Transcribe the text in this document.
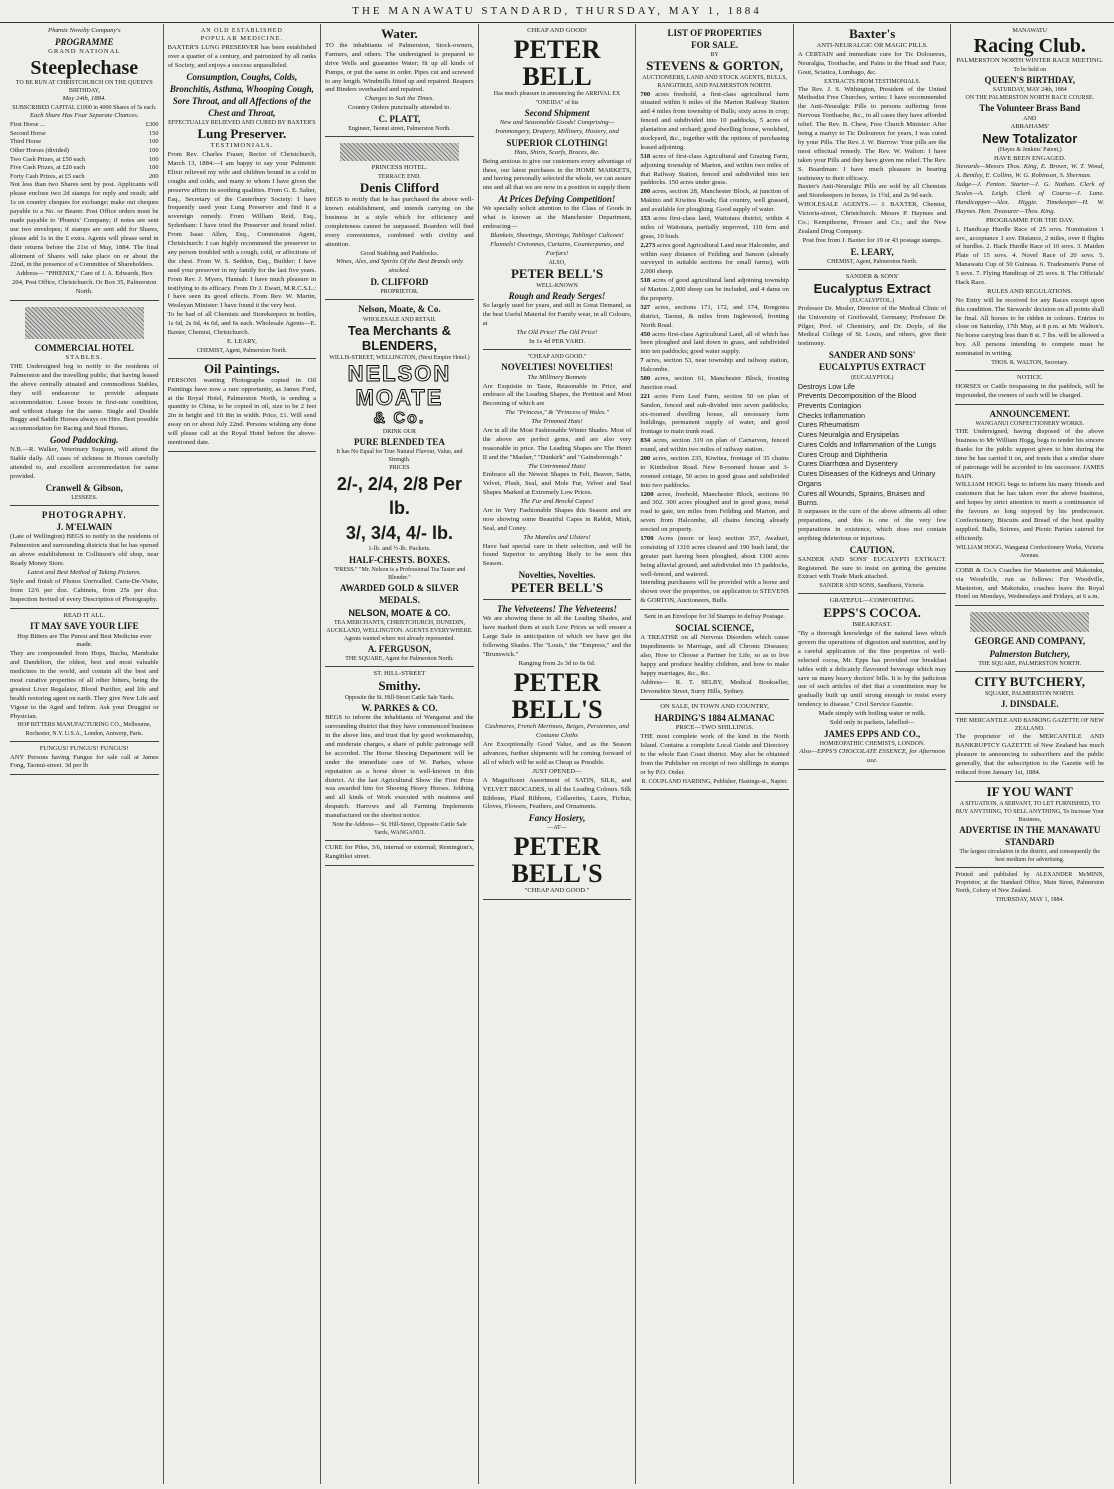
THE MANAWATU STANDARD, THURSDAY, MAY 1, 1884
Phœnix Novelty Company's
PROGRAMME
GRAND NATIONAL
Steeplechase
TO BE RUN AT CHRISTCHURCH ON THE QUEEN'S BIRTHDAY,
May 24th, 1884.
SUBSCRIBED CAPITAL £1000 in 4000 Shares of 5s each.
Each Share Has Four Separate Chances.
First Horse ...	£300
Second Horse	150
Third Horse	100
Other Horses (divided)	100
Two Cash Prizes, at £50 each	100
Five Cash Prizes, at £20 each	100
Forty Cash Prizes, at £5 each	200
Not less than two Shares sent by post. Applicants will please enclose two 2d stamps for reply and result; add 1s on country cheques for exchange; make out cheques payable to a No. or Bearer. Post Office orders must be made payable to 'Phœnix' Company; if notes are sent use two envelopes; if stamps are sent add for Shares, please add 1s in the £ extra. Agents will please send in their returns before the 21st of May, 1884. The final allotment of Shares will take place on or about the 22nd, in the presence of a Committee of Shareholders.
Address— "PHŒNIX," Care of J. A. Edwards, Box 204, Post Office, Christchurch. Or Box 35, Palmerston North.
COMMERCIAL HOTEL
STABLES.
THE Undersigned beg to notify to the residents of Palmerston and the travelling public, that having leased the above centrally situated and commodious Stables, they will endeavour to provide adequate accommodation. Loose boxes in first-rate condition, and without charge for the same. Single and Double Buggy and Saddle Horses always on Hire. Best possible accommodation for Racing and Stud Horses.
Good Paddocking.
N.B.—R. Walker, Veterinary Surgeon, will attend the Stable daily. All cases of sickness in Horses carefully attended to, and excellent accommodation for same provided.
Cranwell & Gibson,
LESSEES.
PHOTOGRAPHY.
J. M'ELWAIN
(Late of Wellington) BEGS to notify to the residents of Palmerston and surrounding districts that he has opened an above establishment in Collinson's old shop, near Ready Money Store.
Latest and Best Method of Taking Pictures.
Style and finish of Photos Unrivalled. Carte-De-Visite, from 12/6 per doz. Cabinets, from 25s per doz. Inspection Invited of every Description of Photography.
READ IT ALL.
IT MAY SAVE YOUR LIFE
Hop Bitters are The Purest and Best Medicine ever made.
They are compounded from Hops, Buchu, Mandrake and Dandelion, the oldest, best and most valuable medicines in the world, and contain all the best and most curative properties of all other bitters, being the greatest Liver Regulator, Blood Purifier, and life and health restoring agent on earth. They give New Life and Vigour to the Aged and Infirm. Ask your Druggist or Physician.
HOP BITTERS MANUFACTURING CO., Melbourne, Rochester, N.Y. U.S.A., London, Antwerp, Paris.
FUNGUS! FUNGUS! FUNGUS!
ANY Persons having Fungus for sale call at James Fong, Taonui-street. 3d per lb
AN OLD ESTABLISHED
POPULAR MEDICINE.
BAXTER'S LUNG PRESERVER has been established over a quarter of a century, and patronized by all ranks of Society, and enjoys a success unparalleled.
Consumption, Coughs, Colds, Bronchitis, Asthma, Whooping Cough, Sore Throat, and all Affections of the Chest and Throat,
EFFECTUALLY RELIEVED AND CURED BY BAXTER'S
Lung Preserver.
TESTIMONIALS.
From Rev. Charles Fraser, Rector of Christchurch, March 13, 1884:—I am happy to say your Pulmonic Elixir relieved my wife and children bound in a cold in coughs and colds, and many to whom I have given the preserve affirm its soothing qualities. From G. E. Salter, Esq., Secretary of the Canterbury Society: I have frequently used your Lung Preserver and find it a sovereign remedy. From William Reid, Esq., Sydenham: I have tried the Preserver and found relief. From Isaac Allen, Esq., Commission Agent, Christchurch: I can highly recommend the preserver to any person troubled with a cough, cold, or affections of the chest. From W. S. Seddon, Esq., Builder: I have used your preserver in my family for the last five years. From Rev. J. Myers, Hannah: I have much pleasure in testifying to its efficacy. From Dr J. Ewart, M.R.C.S.L.: I have seen its good effects. From Rev. W. Martin, Wesleyan Minister: I have found it the very best.
To be had of all Chemists and Storekeepers in bottles, 1s 6d, 2s 6d, 4s 6d, and 6s each. Wholesale Agents—E. Baxter, Chemist, Christchurch.
E. LEARY,
CHEMIST, Agent, Palmerston North.
Oil Paintings.
PERSONS wanting Photographs copied in Oil Paintings have now a rare opportunity, as James Ford, at the Royal Hotel, Palmerston North, is sending a quantity to China, to be copied in oil, size to be 2 feet 2in in height and 1ft 8in in width. Price, £1. Will send away on or about July 22nd. Persons wishing any done will please call at the Royal Hotel before the above-mentioned date.
Water.
TO the inhabitants of Palmerston, Stock-owners, Farmers, and others. The undersigned is prepared to drive Wells and guarantee Water; fit up all kinds of Pumps, or put the same in order. Pipes cut and screwed to any length. Windmills fitted up and repaired. Reapers and Binders overhauled and repaired.
Charges to Suit the Times.
Country Orders punctually attended to.
C. PLATT,
Engineer, Taonui street, Palmerston North.
PRINCESS HOTEL.
TERRACE END.
Denis Clifford
BEGS to notify that he has purchased the above well-known establishment, and intends carrying on the business in a style which for efficiency and completeness cannot be surpassed. Boarders will find every convenience, combined with civility and attention.
Good Stabling and Paddocks.
Wines, Ales, and Spirits Of the Best Brands only stocked.
D. CLIFFORD
PROPRIETOR.
Nelson, Moate, & Co.
WHOLESALE AND RETAIL
Tea Merchants & BLENDERS,
WILLIS-STREET, WELLINGTON, (Next Empire Hotel.)
NELSON
MOATE
& Co.
DRINK OUR
PURE BLENDED TEA
It has No Equal for True Natural Flavour, Value, and Strength.
PRICES
2/-, 2/4, 2/8 Per lb.
3/, 3/4, 4/- lb.
1-lb. and ½-lb. Packets.
HALF-CHESTS. BOXES.
"PRESS." "Mr. Nelson is a Professional Tea Taster and Blender."
AWARDED GOLD & SILVER MEDALS.
NELSON, MOATE & CO.
TEA MERCHANTS, CHRISTCHURCH, DUNEDIN, AUCKLAND, WELLINGTON. AGENTS EVERYWHERE.
Agents wanted where not already represented.
A. FERGUSON,
THE SQUARE, Agent for Palmerston North.
ST. HILL-STREET
Smithy.
Opposite the St. Hill-Street Cattle Sale Yards.
W. PARKES & CO.
BEGS to inform the inhabitants of Wanganui and the surrounding district that they have commenced business in the above line, and trust that by good workmanship, and moderate charges, a share of public patronage will be accorded. The Horse Shoeing Department will be under the immediate care of W. Parkes, whose reputation as a horse shoer is well-known in this district. At the last Agricultural Show the First Prize was awarded him for Shoeing Heavy Horses. Jobbing and all kinds of Work executed with neatness and despatch. Harrows and all Farming Implements manufactured on the shortest notice.
Note the Address— St. Hill-Street, Opposite Cattle Sale Yards, WANGANUI.
CURE for Piles, 3/6, internal or external; Remington's, Rangitikei street.
CHEAP AND GOOD!
PETER BELL
Has much pleasure in announcing the ARRIVAL EX "ONEIDA" of his
Second Shipment
New and Seasonable Goods! Comprising—
Ironmongery, Drapery, Millinery, Hosiery, and
SUPERIOR CLOTHING!
Hats, Shirts, Scarfs, Braces, &c.
Being anxious to give our customers every advantage of these, our latest purchases in the HOME MARKETS, and having personally selected the whole, we can assure one and all that we are now in a position to supply them
At Prices Defying Competition!
We specially solicit attention to the Class of Goods in what is known as the Manchester Department, embracing—
Blankets, Sheetings, Shirtings, Tablings! Calicoes! Flannels! Cretonnes, Curtains, Counterpanes, and Forfars!
ALSO,
PETER BELL'S
WELL-KNOWN
Rough and Ready Serges!
So largely used for years, and still in Great Demand, as the best Useful Material for Family wear, in all Colours, at
The Old Price! The Old Price!
In 1s 4d PER YARD.
"CHEAP AND GOOD."
NOVELTIES! NOVELTIES!
The Millinery Bonnets
Are Exquisite in Taste, Reasonable in Price, and embrace all the Leading Shapes, the Prettiest and Most Becoming of which are
The "Princess," & "Princess of Wales."
The Trimmed Hats!
Are in all the Most Fashionable Winter Shades. Most of the above are perfect gems, and are also very reasonable in price. The Leading Shapes are The Henri II and the "Masher," "Dunkirk" and "Gainsborough."
The Untrimmed Hats!
Embrace all the Newest Shapes in Felt, Beaver, Satin, Velvet, Plush, Seal, and Mole Fur, Velvet and Seal Shapes Marked at Extremely Low Prices.
The Fur and Brocké Capes!
Are in Very Fashionable Shapes this Season and are now showing some Beautiful Capes in Rabbit, Mink, Seal, and Coney.
The Mantles and Ulsters!
Have had special care in their selection, and will be found Superior to anything likely to be seen this Season.
Novelties, Novelties.
PETER BELL'S
The Velveteens! The Velveteens!
We are showing these in all the Leading Shades, and have marked them at such Low Prices as will ensure a Large Sale in anticipation of which we have got the following Shades. The "Louis," the "Empress," and the "Brunswick."
Ranging from 2s 3d to 6s 6d.
PETER BELL'S
Cashmeres, French Merinoes, Beiges, Persiennes, and Costume Cloths
Are Exceptionally Good Value, and as the Season advances, further shipments will be coming forward of all of which will be sold as Cheap as Possible.
JUST OPENED—
A Magnificent Assortment of SATIN, SILK, and VELVET BROCADES, in all the Leading Colours. Silk Ribbons, Plaid Ribbons, Collarettes, Laces, Fichus, Gloves, Flowers, Feathers, and Ornaments.
Fancy Hosiery,
—AT—
PETER BELL'S
"CHEAP AND GOOD."
LIST OF PROPERTIES
FOR SALE.
BY
STEVENS & GORTON,
AUCTIONEERS, LAND AND STOCK AGENTS, BULLS, RANGITIKEI, AND PALMERSTON NORTH.
700 acres freehold, a first-class agricultural farm situated within 6 miles of the Marton Railway Station and 4 miles from township of Bulls; sixty acres in crop; fenced and subdivided into 10 paddocks, 5 acres of plantation and orchard; good dwelling house, woolshed, stockyard, &c., together with the options of purchasing leased adjoining.
518 acres of first-class Agricultural and Grazing Farm, adjoining township of Marton, and within two miles of that Railway Station, fenced and subdivided into ten paddocks. 150 acres under grass.
200 acres, section 28, Manchester Block, at junction of Makino and Kiwitea Roads; flat country, well grassed, and available for ploughing. Good supply of water.
153 acres first-class land, Waitotara district, within 4 miles of Waitotara, partially improved, 110 fern and grass, 10 bush.
2,273 acres good Agricultural Land near Halcombe, and within easy distance of Feilding and Sanson (already surveyed in suitable sections for small farms), with 2,000 sheep.
518 acres of good agricultural land adjoining township of Marton. 2,000 sheep can be included, and 4 dams on the property.
327 acres, sections 171, 172, and 174, Rongotea district, Taonui, & miles from Inglewood, fronting North Road.
450 acres first-class Agricultural Land, all of which has been ploughed and laid down in grass, and subdivided into ten paddocks; good water supply.
7 acres, section 53, near township and railway station, Halcombe.
500 acres, section 61, Manchester Block, fronting Junction road.
221 acres Fern Leaf Farm, section 50 on plan of Sandon, fenced and sub-divided into seven paddocks; six-roomed dwelling house, all necessary farm buildings, permanent supply of water, and good frontage to main trunk road.
834 acres, section 319 on plan of Carnarvon, fenced round, and within two miles of railway station.
200 acres, section 235, Kiwitea, frontage of 35 chains to Kimbolton Road. New 8-roomed house and 3-roomed cottage, 50 acres in good grass and subdivided into two paddocks.
1200 acres, freehold, Manchester Block, sections 90 and 302. 300 acres ploughed and in good grass, metal road to gate, ten miles from Feilding and Marton, and seven from Halcombe, all chains fencing already erected on property.
1700 Acres (more or less) section 357, Awahuri, consisting of 1310 acres cleared and 190 bush land, the greater part having been ploughed, about 1300 acres being alluvial ground, and subdivided into 15 paddocks, well-fenced, and watered.
Intending purchasers will be provided with a horse and shown over the properties, on application to STEVENS & GORTON, Auctioneers, Bulls.
Sent in an Envelope for 3d Stamps to defray Postage.
SOCIAL SCIENCE,
A TREATISE on all Nervous Disorders which cause Impediments to Marriage, and all Chronic Diseases; also, How to Choose a Partner for Life, so as to live happy and produce healthy children, and how to make happy marriages, &c., &c.
Address— R. T. SELBY, Medical Bookseller, Devonshire Street, Surry Hills, Sydney.
ON SALE, IN TOWN AND COUNTRY,
HARDING'S 1884 ALMANAC
PRICE—TWO SHILLINGS.
THE most complete work of the kind in the North Island. Contains a complete Local Guide and Directory to the whole East Coast district. May also be obtained from the Publisher on receipt of two shillings in stamps or by P.O. Order.
R. COUPLAND HARDING, Publisher, Hastings-st., Napier.
Baxter's
ANTI-NEURALGIC OR MAGIC PILLS.
A CERTAIN and immediate cure for Tic Doloureux, Neuralgia, Toothache, and Pains in the Head and Face, Gout, Sciatica, Lumbago, &c.
EXTRACTS FROM TESTIMONIALS.
The Rev. J. S. Withington, President of the United Methodist Free Churches, writes: I have recommended the Anti-Neuralgic Pills to persons suffering from Nervous Toothache, &c., in all cases they have afforded relief. The Rev. B. Chew, Free Church Minister: After being a martyr to Tic Doloureux for years, I was cured by your Pills. The Rev. J. W. Burrow: Your pills are the most effectual remedy. The Rev. W. Walton: I have taken your Pills and they have given me relief. The Rev. S. Boardman: I have much pleasure in bearing testimony to their efficacy.
Baxter's Anti-Neuralgic Pills are sold by all Chemists and Storekeepers in boxes, 1s 1½d, and 2s 9d each.
WHOLESALE AGENTS.— J. BAXTER, Chemist, Victoria-street, Christchurch. Messrs P. Haymes and Co.; Kempthorne, Prosser and Co.; and the New Zealand Drug Company.
Post free from J. Baxter for 19 or 43 postage stamps.
E. LEARY,
CHEMIST, Agent, Palmerston North.
SANDER & SONS'
Eucalyptus Extract
(EUCALYPTOL.)
Professor Dr. Mosler, Director of the Medical Clinic of the University of Greifswald, Germany; Professor Dr. Pilger, Prof. of Chemistry, and Dr. Doyle, of the Medical College of St. Louis, and others, give their testimony.
SANDER AND SONS'
EUCALYPTUS EXTRACT
(EUCALYPTOL)
Destroys Low Life
Prevents Decomposition of the Blood
Prevents Contagion
Checks Inflammation
Cures Rheumatism
Cures Neuralgia and Erysipelas
Cures Colds and Inflammation of the Lungs
Cures Croup and Diphtheria
Cures Diarrhœa and Dysentery
Cures Diseases of the Kidneys and Urinary Organs
Cures all Wounds, Sprains, Bruises and Burns.
It surpasses in the cure of the above ailments all other preparations, and this is one of the very few preparations in existence, which does not contain anything deleterious or injurious.
CAUTION.
SANDER AND SONS' EUCALYPTI EXTRACT. Registered. Be sure to insist on getting the genuine Extract with Trade Mark attached.
SANDER AND SONS, Sandhurst, Victoria.
GRATEFUL—COMFORTING.
EPPS'S COCOA.
BREAKFAST.
"By a thorough knowledge of the natural laws which govern the operations of digestion and nutrition, and by a careful application of the fine properties of well-selected cocoa, Mr. Epps has provided our breakfast tables with a delicately flavoured beverage which may save us many heavy doctors' bills. It is by the judicious use of such articles of diet that a constitution may be gradually built up until strong enough to resist every tendency to disease." Civil Service Gazette.
Made simply with boiling water or milk.
Sold only in packets, labelled—
JAMES EPPS AND CO.,
HOMŒOPATHIC CHEMISTS, LONDON.
Also—EPPS'S CHOCOLATE ESSENCE, for Afternoon use.
MANAWATU
Racing Club.
PALMERSTON NORTH WINTER RACE MEETING.
To be held on
QUEEN'S BIRTHDAY,
SATURDAY, MAY 24th, 1884
ON THE PALMERSTON NORTH RACE COURSE.
The Volunteer Brass Band
AND
ABRAHAMS'
New Totalizator
(Hayes & Jenkins' Patent,)
HAVE BEEN ENGAGED.
Stewards—Messrs Thos. King, E. Brown, W. T. Wood, A. Bentley, E. Collins, W. G. Robinson, S. Sherman.
Judge—J. Fenton. Starter—J. G. Nathan. Clerk of Scales—A. Leigh. Clerk of Course—J. Lane. Handicapper—Alex. Higgie. Timekeeper—H. W. Haynes. Hon. Treasurer—Thos. King.
PROGRAMME FOR THE DAY.
1. Handicap Hurdle Race of 25 sovs. Nomination 1 sov., acceptance 1 sov. Distance, 2 miles, over 8 flights of hurdles. 2. Hack Hurdle Race of 10 sovs. 3. Maiden Plate of 15 sovs. 4. Novel Race of 20 sovs. 5. Manawatu Cup of 50 Guineas. 6. Tradesmen's Purse of 5 sovs. 7. Flying Handicap of 25 sovs. 8. The Officials' Hack Race.
RULES AND REGULATIONS.
No Entry will be received for any Races except upon this condition. The Stewards' decision on all points shall be final. All horses to be ridden in colours. Entries to close on Saturday, 17th May, at 8 p.m. at Mr. Walton's. No horse carrying less than 8 st. 7 lbs. will be allowed a boy. All persons intending to compete must be nominated in writing.
THOS. R. WALTON, Secretary.
NOTICE.
HORSES or Cattle trespassing in the paddock, will be impounded, the owners of such will be charged.
ANNOUNCEMENT.
WANGANUI CONFECTIONERY WORKS.
THE Undersigned, having disposed of the above business to Mr William Hogg, begs to tender his sincere thanks for the public support given to him during the time he has carried it on, and trusts that a similar share of patronage will be accorded to his successor. JAMES BAIN.
WILLIAM HOGG begs to inform his many friends and customers that he has taken over the above business, and hopes by strict attention to merit a continuance of the favours so long enjoyed by his predecessor. Confectionery, Biscuits and Bread of the best quality supplied. Balls, Soirees, and Picnic Parties catered for efficiently.
WILLIAM HOGG, Wanganui Confectionery Works, Victoria Avenue.
COBB & Co.'s Coaches for Masterton and Makotuku, via Woodville, run as follows: For Woodville, Masterton, and Makotuku, coaches leave the Royal Hotel on Mondays, Wednesdays and Fridays, at 6 a.m.
GEORGE AND COMPANY,
Palmerston Butchery,
THE SQUARE, PALMERSTON NORTH.
CITY BUTCHERY,
SQUARE, PALMERSTON NORTH.
J. DINSDALE.
THE MERCANTILE AND BANKING GAZETTE OF NEW ZEALAND.
The proprietor of the MERCANTILE AND BANKRUPTCY GAZETTE of New Zealand has much pleasure in announcing to subscribers and the public generally, that the subscription to the Gazette will be reduced from January 1st, 1884.
IF YOU WANT
A SITUATION, A SERVANT, TO LET FURNISHED, TO BUY ANYTHING, TO SELL ANYTHING, To Increase Your Business,
ADVERTISE IN THE MANAWATU STANDARD
The largest circulation in the district, and consequently the best medium for advertising.
Printed and published by ALEXANDER McMINN, Proprietor, at the Standard Office, Main Street, Palmerston North, Colony of New Zealand.
THURSDAY, MAY 1, 1884.
